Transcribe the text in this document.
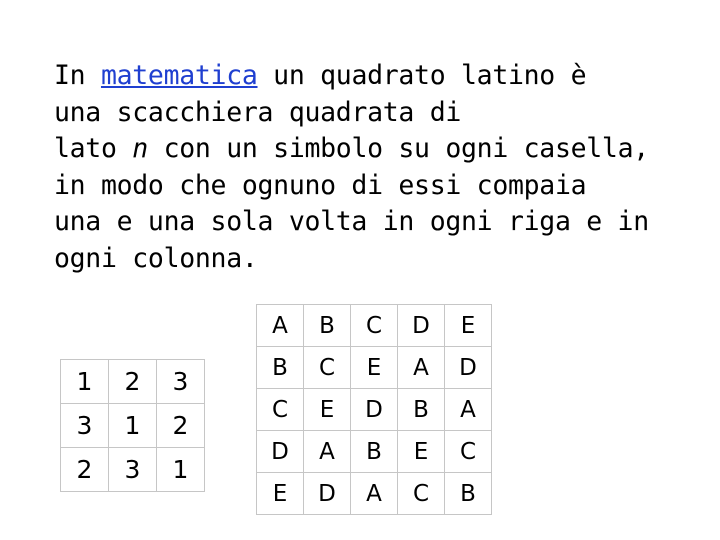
In matematica un quadrato latino è
una scacchiera quadrata di
lato n con un simbolo su ogni casella,
in modo che ognuno di essi compaia
una e una sola volta in ogni riga e in
ogni colonna.
1	2	3
3	1	2
2	3	1
A	B	C	D	E
B	C	E	A	D
C	E	D	B	A
D	A	B	E	C
E	D	A	C	B
